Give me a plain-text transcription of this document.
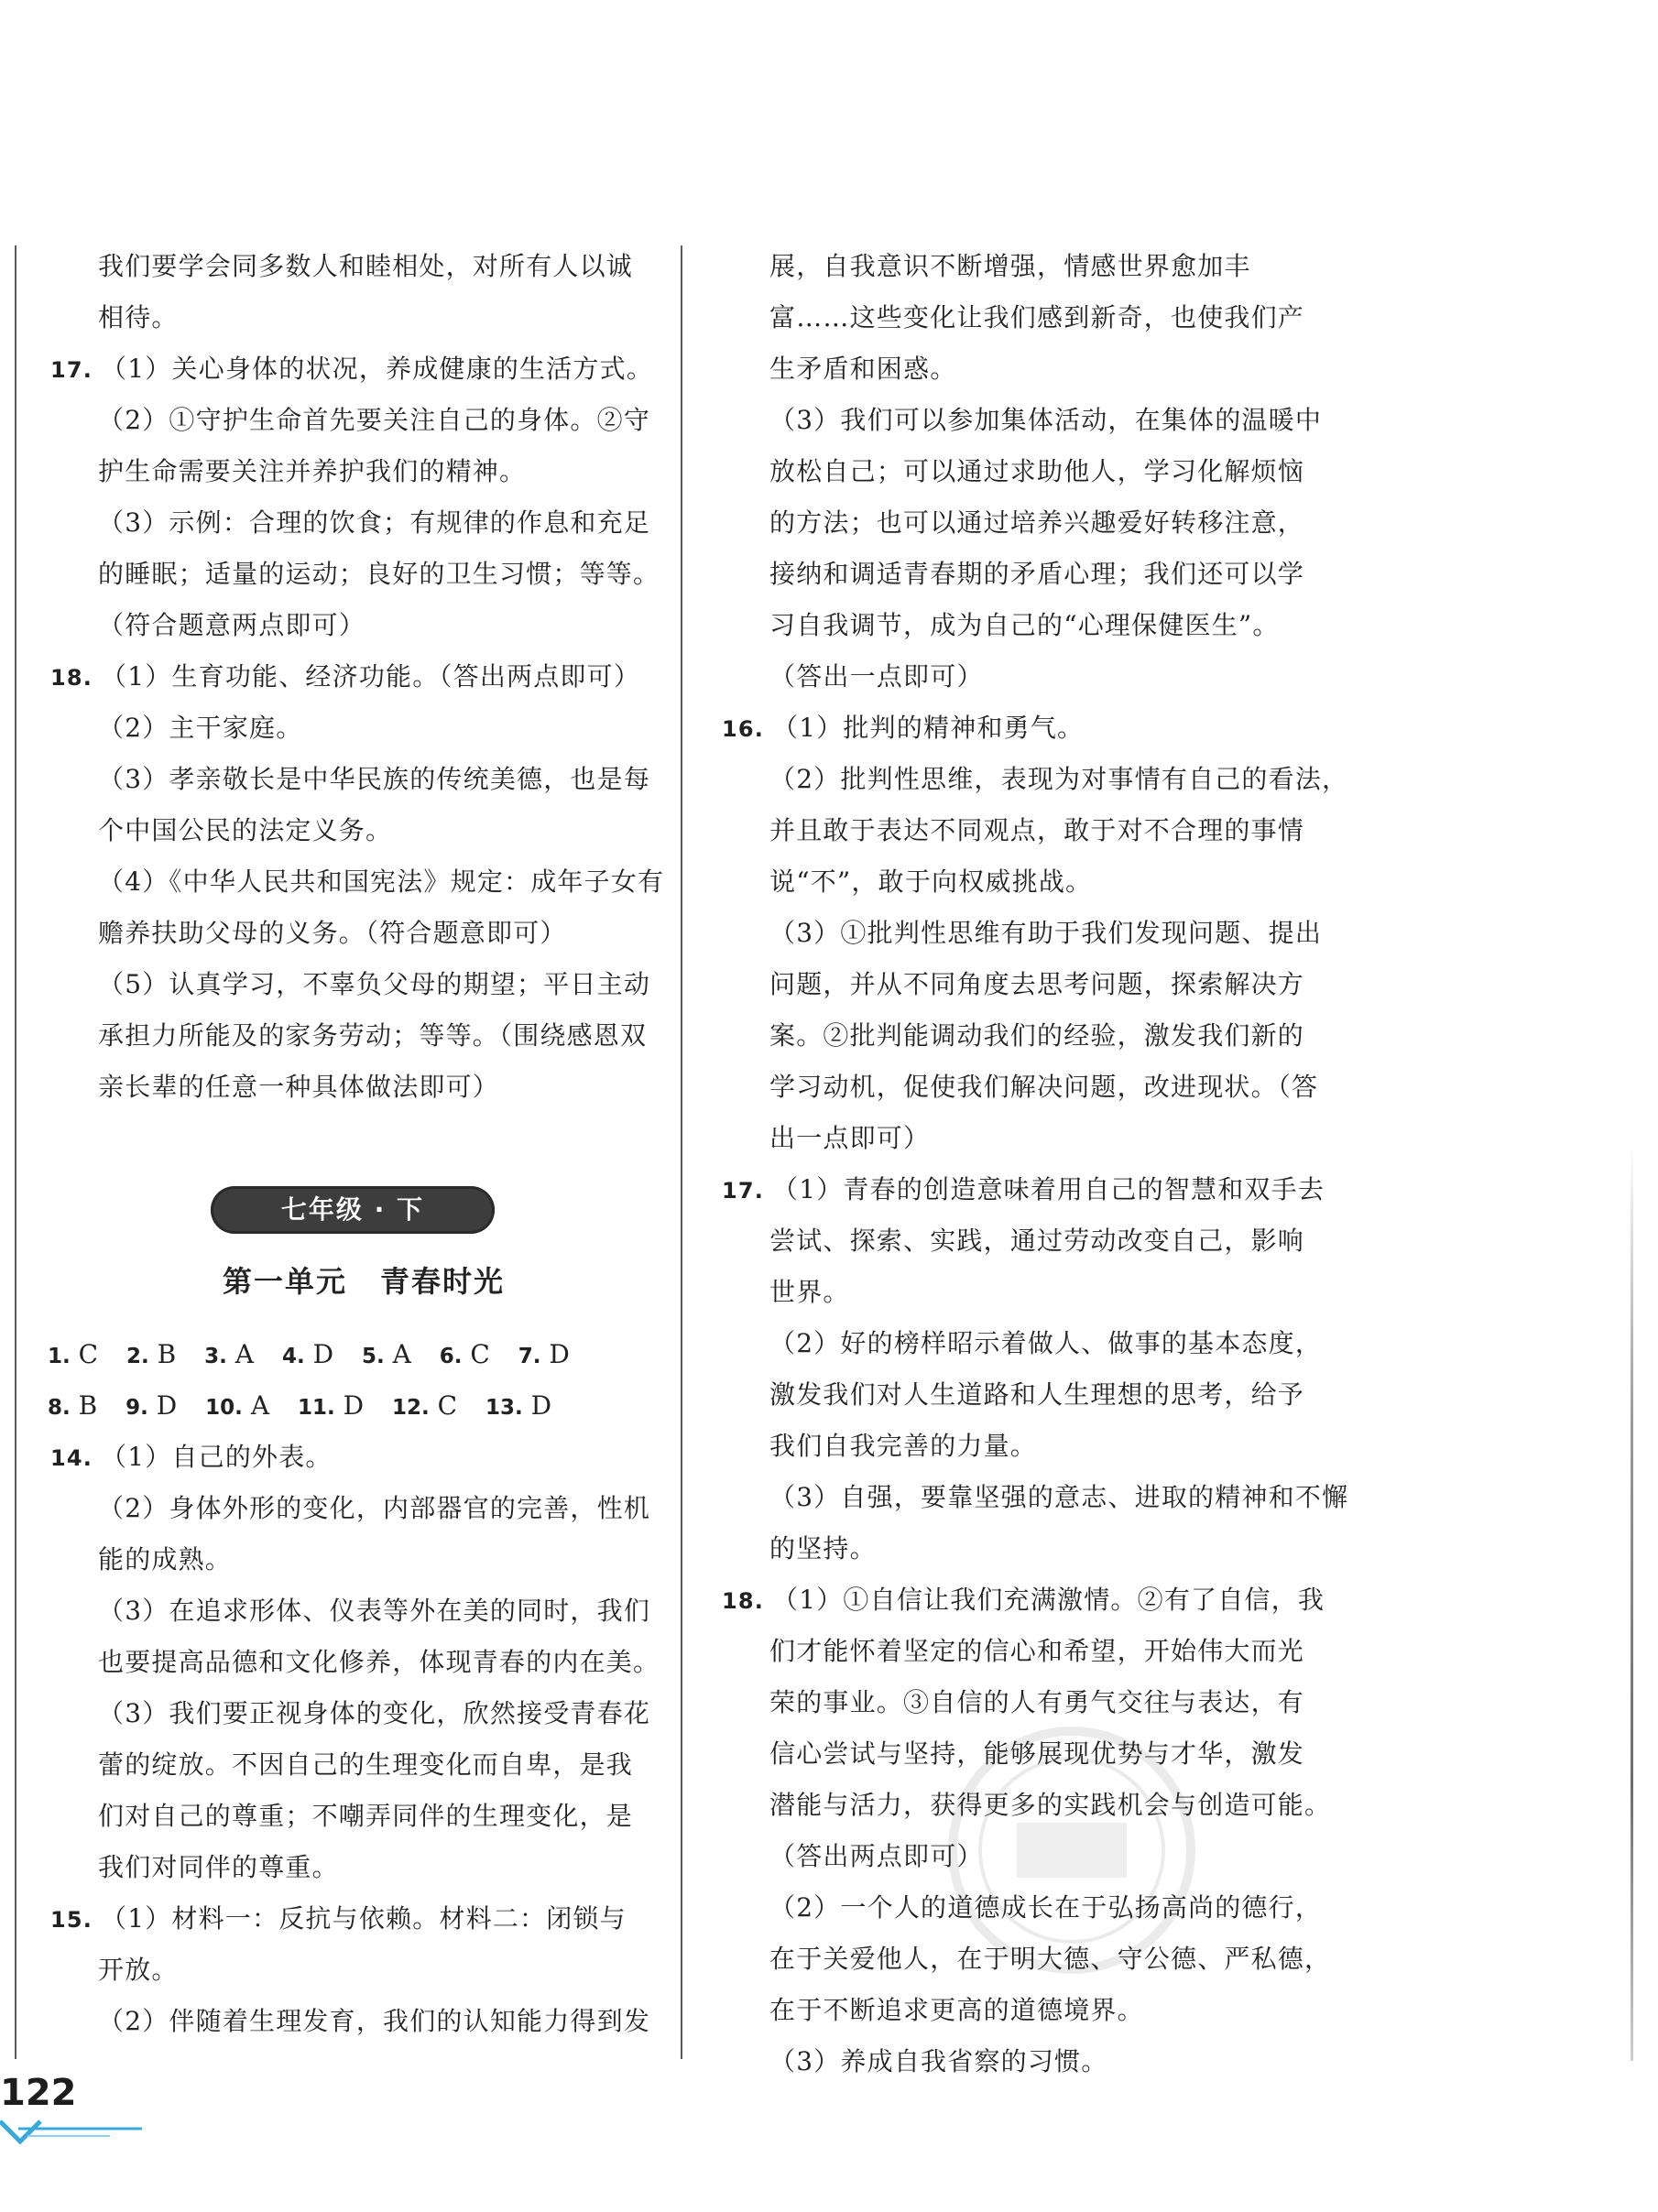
我们要学会同多数人和睦相处，对所有人以诚
相待。
17. （1）关心身体的状况，养成健康的生活方式。
（2）①守护生命首先要关注自己的身体。②守
护生命需要关注并养护我们的精神。
（3）示例：合理的饮食；有规律的作息和充足
的睡眠；适量的运动；良好的卫生习惯；等等。
（符合题意两点即可）
18. （1）生育功能、经济功能。（答出两点即可）
（2）主干家庭。
（3）孝亲敬长是中华民族的传统美德，也是每
个中国公民的法定义务。
（4）《中华人民共和国宪法》规定：成年子女有
赡养扶助父母的义务。（符合题意即可）
（5）认真学习，不辜负父母的期望；平日主动
承担力所能及的家务劳动；等等。（围绕感恩双
亲长辈的任意一种具体做法即可）
七年级 · 下
第一单元 青春时光
1. C 2. B 3. A 4. D 5. A 6. C 7. D
8. B 9. D 10. A 11. D 12. C 13. D
14. （1）自己的外表。
（2）身体外形的变化，内部器官的完善，性机
能的成熟。
（3）在追求形体、仪表等外在美的同时，我们
也要提高品德和文化修养，体现青春的内在美。
（3）我们要正视身体的变化，欣然接受青春花
蕾的绽放。不因自己的生理变化而自卑，是我
们对自己的尊重；不嘲弄同伴的生理变化，是
我们对同伴的尊重。
15. （1）材料一：反抗与依赖。材料二：闭锁与
开放。
（2）伴随着生理发育，我们的认知能力得到发
展，自我意识不断增强，情感世界愈加丰
富……这些变化让我们感到新奇，也使我们产
生矛盾和困惑。
（3）我们可以参加集体活动，在集体的温暖中
放松自己；可以通过求助他人，学习化解烦恼
的方法；也可以通过培养兴趣爱好转移注意，
接纳和调适青春期的矛盾心理；我们还可以学
习自我调节，成为自己的“心理保健医生”。
（答出一点即可）
16. （1）批判的精神和勇气。
（2）批判性思维，表现为对事情有自己的看法，
并且敢于表达不同观点，敢于对不合理的事情
说“不”，敢于向权威挑战。
（3）①批判性思维有助于我们发现问题、提出
问题，并从不同角度去思考问题，探索解决方
案。②批判能调动我们的经验，激发我们新的
学习动机，促使我们解决问题，改进现状。（答
出一点即可）
17. （1）青春的创造意味着用自己的智慧和双手去
尝试、探索、实践，通过劳动改变自己，影响
世界。
（2）好的榜样昭示着做人、做事的基本态度，
激发我们对人生道路和人生理想的思考，给予
我们自我完善的力量。
（3）自强，要靠坚强的意志、进取的精神和不懈
的坚持。
18. （1）①自信让我们充满激情。②有了自信，我
们才能怀着坚定的信心和希望，开始伟大而光
荣的事业。③自信的人有勇气交往与表达，有
信心尝试与坚持，能够展现优势与才华，激发
潜能与活力，获得更多的实践机会与创造可能。
（答出两点即可）
（2）一个人的道德成长在于弘扬高尚的德行，
在于关爱他人，在于明大德、守公德、严私德，
在于不断追求更高的道德境界。
（3）养成自我省察的习惯。
122
